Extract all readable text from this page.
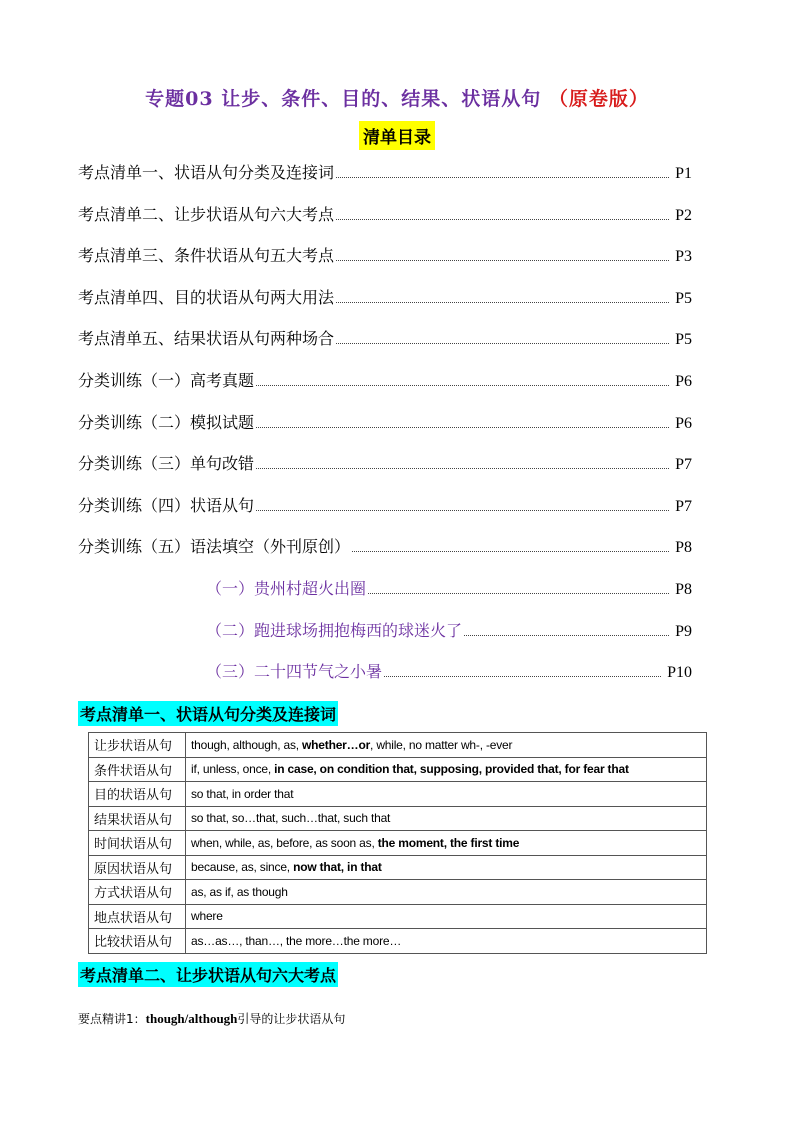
专题03 让步、条件、目的、结果、状语从句 （原卷版）
清单目录
考点清单一、状语从句分类及连接词	P1
考点清单二、让步状语从句六大考点	P2
考点清单三、条件状语从句五大考点	P3
考点清单四、目的状语从句两大用法	P5
考点清单五、结果状语从句两种场合	P5
分类训练（一）高考真题	P6
分类训练（二）模拟试题	P6
分类训练（三）单句改错	P7
分类训练（四）状语从句	P7
分类训练（五）语法填空（外刊原创）	P8
（一）贵州村超火出圈	P8
（二）跑进球场拥抱梅西的球迷火了	P9
（三）二十四节气之小暑	P10
考点清单一、状语从句分类及连接词
让步状语从句	though, although, as, whether…or, while, no matter wh-, -ever
条件状语从句	if, unless, once, in case, on condition that, supposing, provided that, for fear that
目的状语从句	so that, in order that
结果状语从句	so that, so…that, such…that, such that
时间状语从句	when, while, as, before, as soon as, the moment, the first time
原因状语从句	because, as, since, now that, in that
方式状语从句	as, as if, as though
地点状语从句	where
比较状语从句	as…as…, than…, the more…the more…
考点清单二、让步状语从句六大考点
要点精讲1：though/although引导的让步状语从句
